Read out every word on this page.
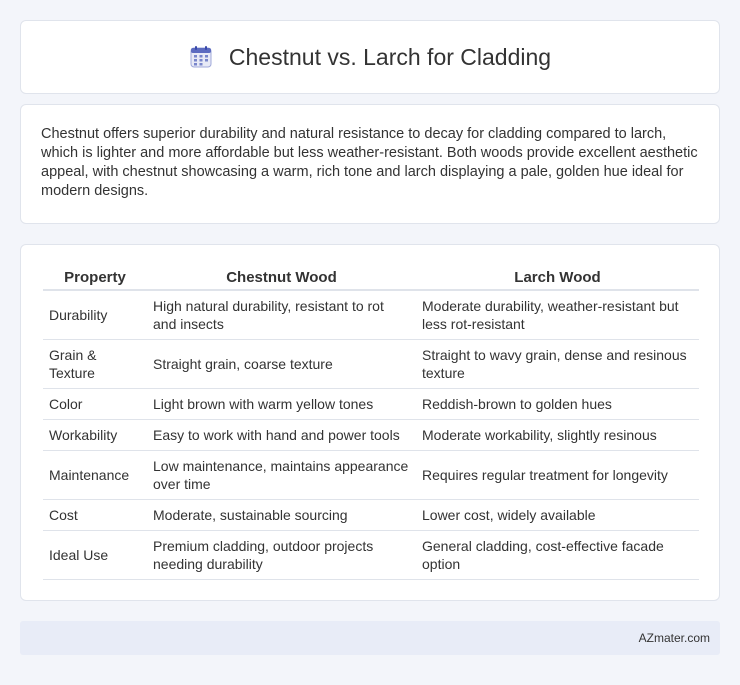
Chestnut vs. Larch for Cladding

Chestnut offers superior durability and natural resistance to decay for cladding compared to larch, which is lighter and more affordable but less weather-resistant. Both woods provide excellent aesthetic appeal, with chestnut showcasing a warm, rich tone and larch displaying a pale, golden hue ideal for modern designs.

Property	Chestnut Wood	Larch Wood
Durability	High natural durability, resistant to rot and insects	Moderate durability, weather-resistant but less rot-resistant
Grain & Texture	Straight grain, coarse texture	Straight to wavy grain, dense and resinous texture
Color	Light brown with warm yellow tones	Reddish-brown to golden hues
Workability	Easy to work with hand and power tools	Moderate workability, slightly resinous
Maintenance	Low maintenance, maintains appearance over time	Requires regular treatment for longevity
Cost	Moderate, sustainable sourcing	Lower cost, widely available
Ideal Use	Premium cladding, outdoor projects needing durability	General cladding, cost-effective facade option
AZmater.com
